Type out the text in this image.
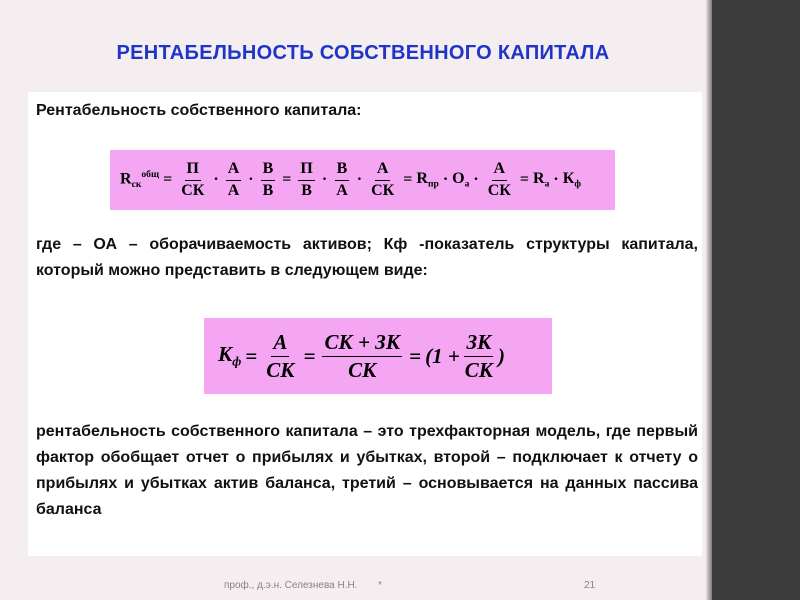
РЕНТАБЕЛЬНОСТЬ СОБСТВЕННОГО КАПИТАЛА
Рентабельность собственного капитала:
$R_{ск}^{общ} = \frac{П}{СК} \cdot \frac{А}{А} \cdot \frac{В}{В} = \frac{П}{В} \cdot \frac{В}{А} \cdot \frac{А}{СК} = R_{пр} \cdot О_а \cdot \frac{А}{СК} = R_а \cdot К_ф$
где – ОА – оборачиваемость активов; Кф -показатель структуры капитала, который можно представить в следующем виде:
$К_ф = \frac{А}{СК} = \frac{СК + ЗК}{СК} = (1 + \frac{ЗК}{СК}$ )
рентабельность собственного капитала – это трехфакторная модель, где первый фактор обобщает отчет о прибылях и убытках, второй – подключает к отчету о прибылях и убытках актив баланса, третий – основывается на данных пассива баланса
проф., д.э.н. Селезнева Н.Н. *	21
